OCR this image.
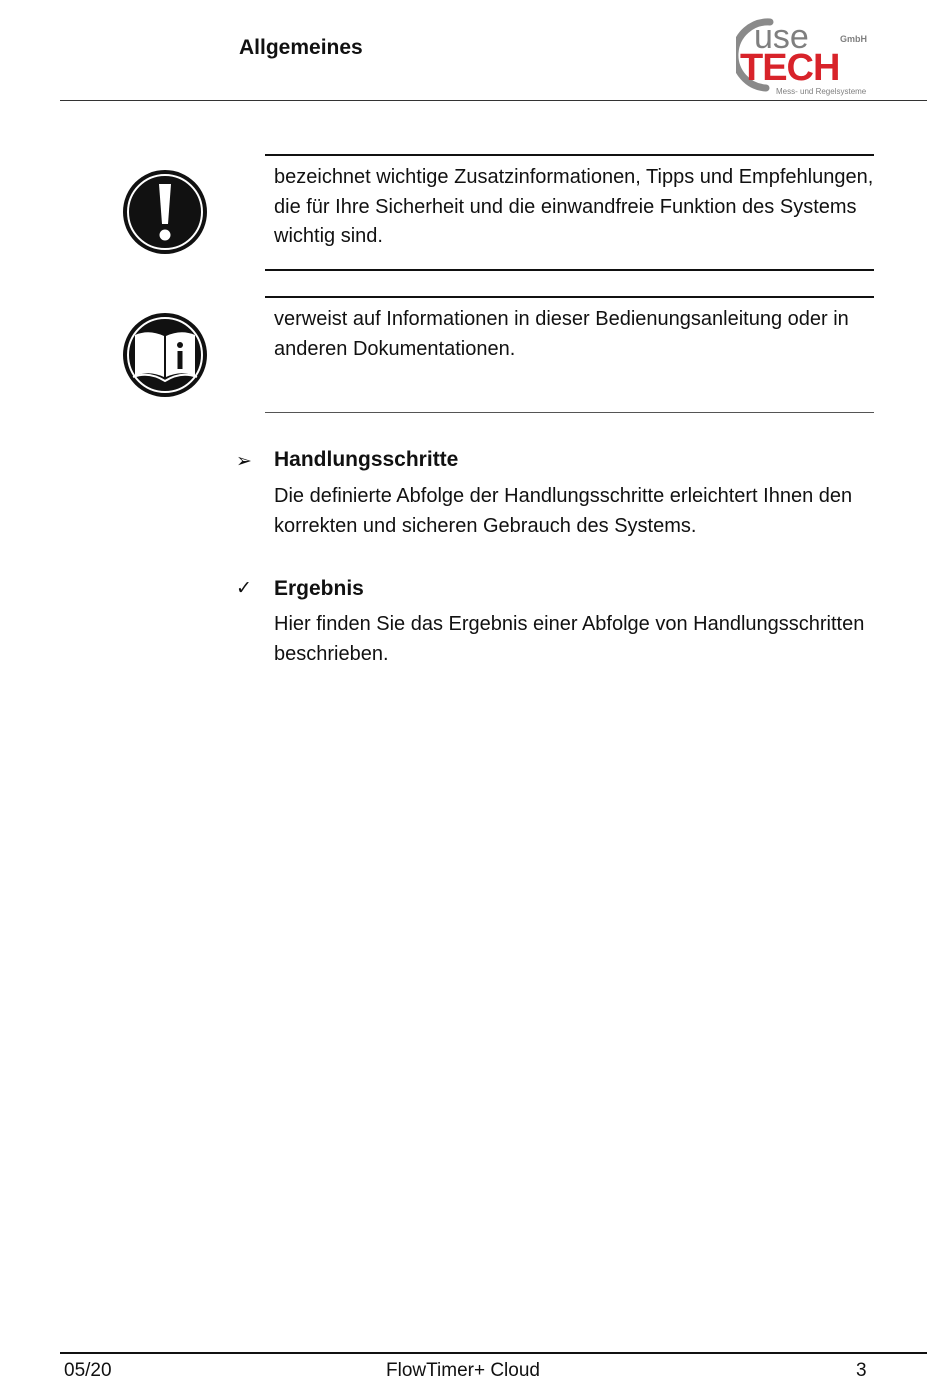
Allgemeines	use	GmbH
TECH
Mess- und Regelsysteme
bezeichnet wichtige Zusatzinformationen, Tipps und Empfehlungen, die für Ihre Sicherheit und die einwandfreie Funktion des Systems wichtig sind.
verweist auf Informationen in dieser Bedienungsanleitung oder in anderen Dokumentationen.
➢ Handlungsschritte
Die definierte Abfolge der Handlungsschritte erleichtert Ihnen den korrekten und sicheren Gebrauch des Systems.
✓ Ergebnis
Hier finden Sie das Ergebnis einer Abfolge von Handlungsschritten beschrieben.
05/20	FlowTimer+ Cloud	3
